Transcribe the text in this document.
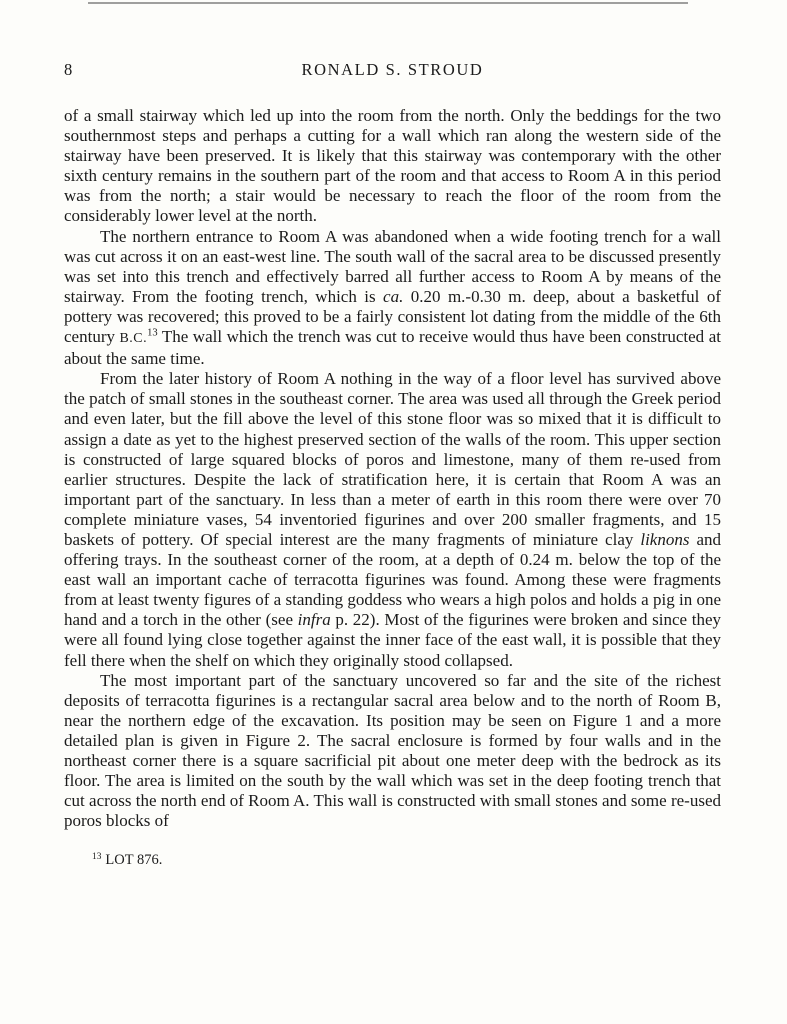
8	RONALD S. STROUD

of a small stairway which led up into the room from the north. Only the beddings for the two southernmost steps and perhaps a cutting for a wall which ran along the western side of the stairway have been preserved. It is likely that this stairway was contemporary with the other sixth century remains in the southern part of the room and that access to Room A in this period was from the north; a stair would be necessary to reach the floor of the room from the considerably lower level at the north.

The northern entrance to Room A was abandoned when a wide footing trench for a wall was cut across it on an east-west line. The south wall of the sacral area to be discussed presently was set into this trench and effectively barred all further access to Room A by means of the stairway. From the footing trench, which is ca. 0.20 m.-0.30 m. deep, about a basketful of pottery was recovered; this proved to be a fairly consistent lot dating from the middle of the 6th century B.C.$^{13}$ The wall which the trench was cut to receive would thus have been constructed at about the same time.

From the later history of Room A nothing in the way of a floor level has survived above the patch of small stones in the southeast corner. The area was used all through the Greek period and even later, but the fill above the level of this stone floor was so mixed that it is difficult to assign a date as yet to the highest preserved section of the walls of the room. This upper section is constructed of large squared blocks of poros and limestone, many of them re-used from earlier structures. Despite the lack of stratification here, it is certain that Room A was an important part of the sanctuary. In less than a meter of earth in this room there were over 70 complete miniature vases, 54 inventoried figurines and over 200 smaller fragments, and 15 baskets of pottery. Of special interest are the many fragments of miniature clay liknons and offering trays. In the southeast corner of the room, at a depth of 0.24 m. below the top of the east wall an important cache of terracotta figurines was found. Among these were fragments from at least twenty figures of a standing goddess who wears a high polos and holds a pig in one hand and a torch in the other (see infra p. 22). Most of the figurines were broken and since they were all found lying close together against the inner face of the east wall, it is possible that they fell there when the shelf on which they originally stood collapsed.

The most important part of the sanctuary uncovered so far and the site of the richest deposits of terracotta figurines is a rectangular sacral area below and to the north of Room B, near the northern edge of the excavation. Its position may be seen on Figure 1 and a more detailed plan is given in Figure 2. The sacral enclosure is formed by four walls and in the northeast corner there is a square sacrificial pit about one meter deep with the bedrock as its floor. The area is limited on the south by the wall which was set in the deep footing trench that cut across the north end of Room A. This wall is constructed with small stones and some re-used poros blocks of

$^{13}$ LOT 876.
